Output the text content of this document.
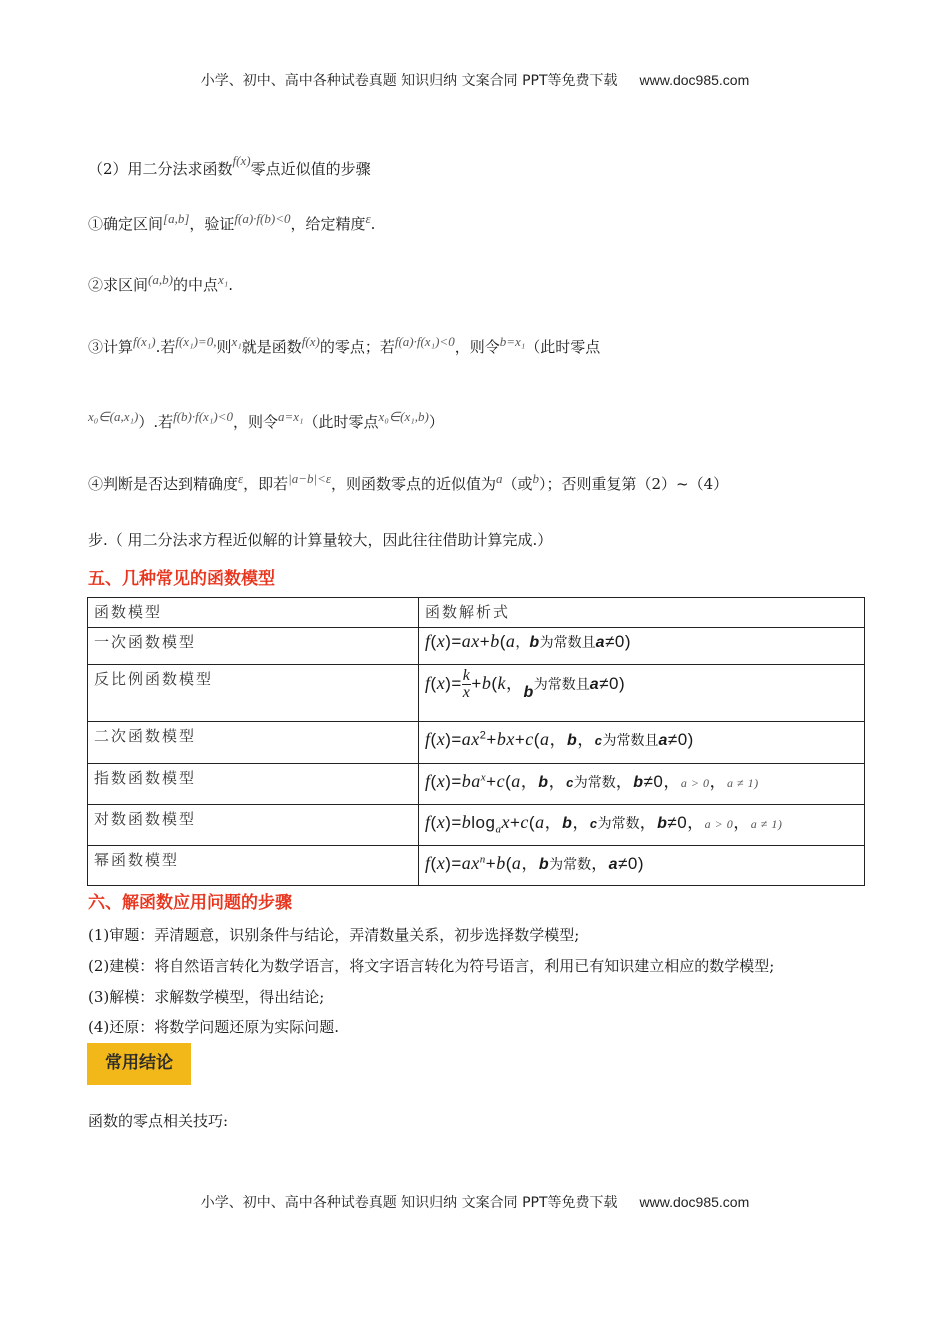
小学、初中、高中各种试卷真题 知识归纳 文案合同 PPT等免费下载 www.doc985.com
（2）用二分法求函数f(x)零点近似值的步骤
①确定区间[a,b]，验证f(a)·f(b)<0，给定精度ε.
②求区间(a,b)的中点x₁.
③计算f(x₁).若f(x₁)=0,则x₁就是函数f(x)的零点；若f(a)·f(x₁)<0，则令b=x₁（此时零点
x₀∈(a,x₁)）.若f(b)·f(x₁)<0，则令a=x₁（此时零点x₀∈(x₁,b)）
④判断是否达到精确度ε，即若|a−b|<ε，则函数零点的近似值为a（或b）；否则重复第（2）~（4）
步.（ 用二分法求方程近似解的计算量较大，因此往往借助计算完成.）
五、几种常见的函数模型
函数模型	函数解析式
一次函数模型	f(x)=ax+b(a，b为常数且a≠0)
反比例函数模型	$f(x)= \frac{k}{x} +b(k$，b为常数且a≠0)
二次函数模型	$f(x)=ax^2+bx+c(a$，b，c为常数且a≠0)
指数函数模型	$f(x)=ba^x+c(a$，b，c为常数，b≠0，a > 0，a ≠ 1)
对数函数模型	f(x)=blog$_a$x+c(a，b，c为常数，b≠0，a > 0，a ≠ 1)
幂函数模型	$f(x)=ax^n+b(a$，b为常数，a≠0)
六、解函数应用问题的步骤
(1)审题：弄清题意，识别条件与结论，弄清数量关系，初步选择数学模型;
(2)建模：将自然语言转化为数学语言，将文字语言转化为符号语言，利用已有知识建立相应的数学模型;
(3)解模：求解数学模型，得出结论;
(4)还原：将数学问题还原为实际问题.
常用结论
函数的零点相关技巧:
小学、初中、高中各种试卷真题 知识归纳 文案合同 PPT等免费下载 www.doc985.com
